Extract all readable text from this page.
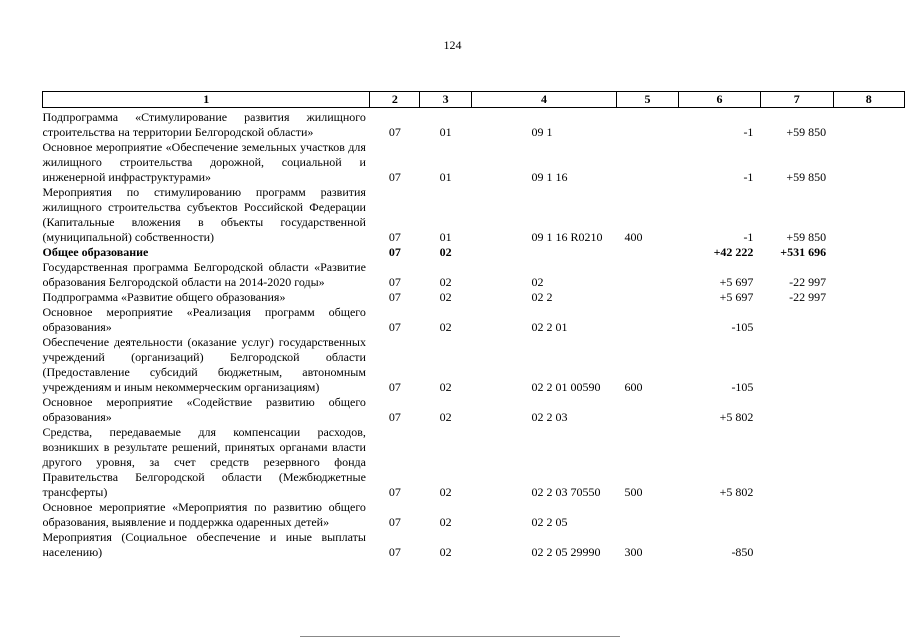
124
1	2	3	4	5	6	7	8
Подпрограмма «Стимулирование развития жилищного строительства на территории Белгородской области»	07	01	09 1		-1	+59 850	
Основное мероприятие «Обеспечение земельных участков для жилищного строительства дорожной, социальной и инженерной инфраструктурами»	07	01	09 1 16		-1	+59 850	
Мероприятия по стимулированию программ развития жилищного строительства субъектов Российской Федерации (Капитальные вложения в объекты государственной (муниципальной) собственности)	07	01	09 1 16 R0210	400	-1	+59 850	
Общее образование	07	02			+42 222	+531 696	
Государственная программа Белгородской области «Развитие образования Белгородской области на 2014-2020 годы»	07	02	02		+5 697	-22 997	
Подпрограмма «Развитие общего образования»	07	02	02 2		+5 697	-22 997	
Основное мероприятие «Реализация программ общего образования»	07	02	02 2 01		-105		
Обеспечение деятельности (оказание услуг) государственных учреждений (организаций) Белгородской области (Предоставление субсидий бюджетным, автономным учреждениям и иным некоммерческим организациям)	07	02	02 2 01 00590	600	-105		
Основное мероприятие «Содействие развитию общего образования»	07	02	02 2 03		+5 802		
Средства, передаваемые для компенсации расходов, возникших в результате решений, принятых органами власти другого уровня, за счет средств резервного фонда Правительства Белгородской области (Межбюджетные трансферты)	07	02	02 2 03 70550	500	+5 802		
Основное мероприятие «Мероприятия по развитию общего образования, выявление и поддержка одаренных детей»	07	02	02 2 05				
Мероприятия (Социальное обеспечение и иные выплаты населению)	07	02	02 2 05 29990	300	-850		
